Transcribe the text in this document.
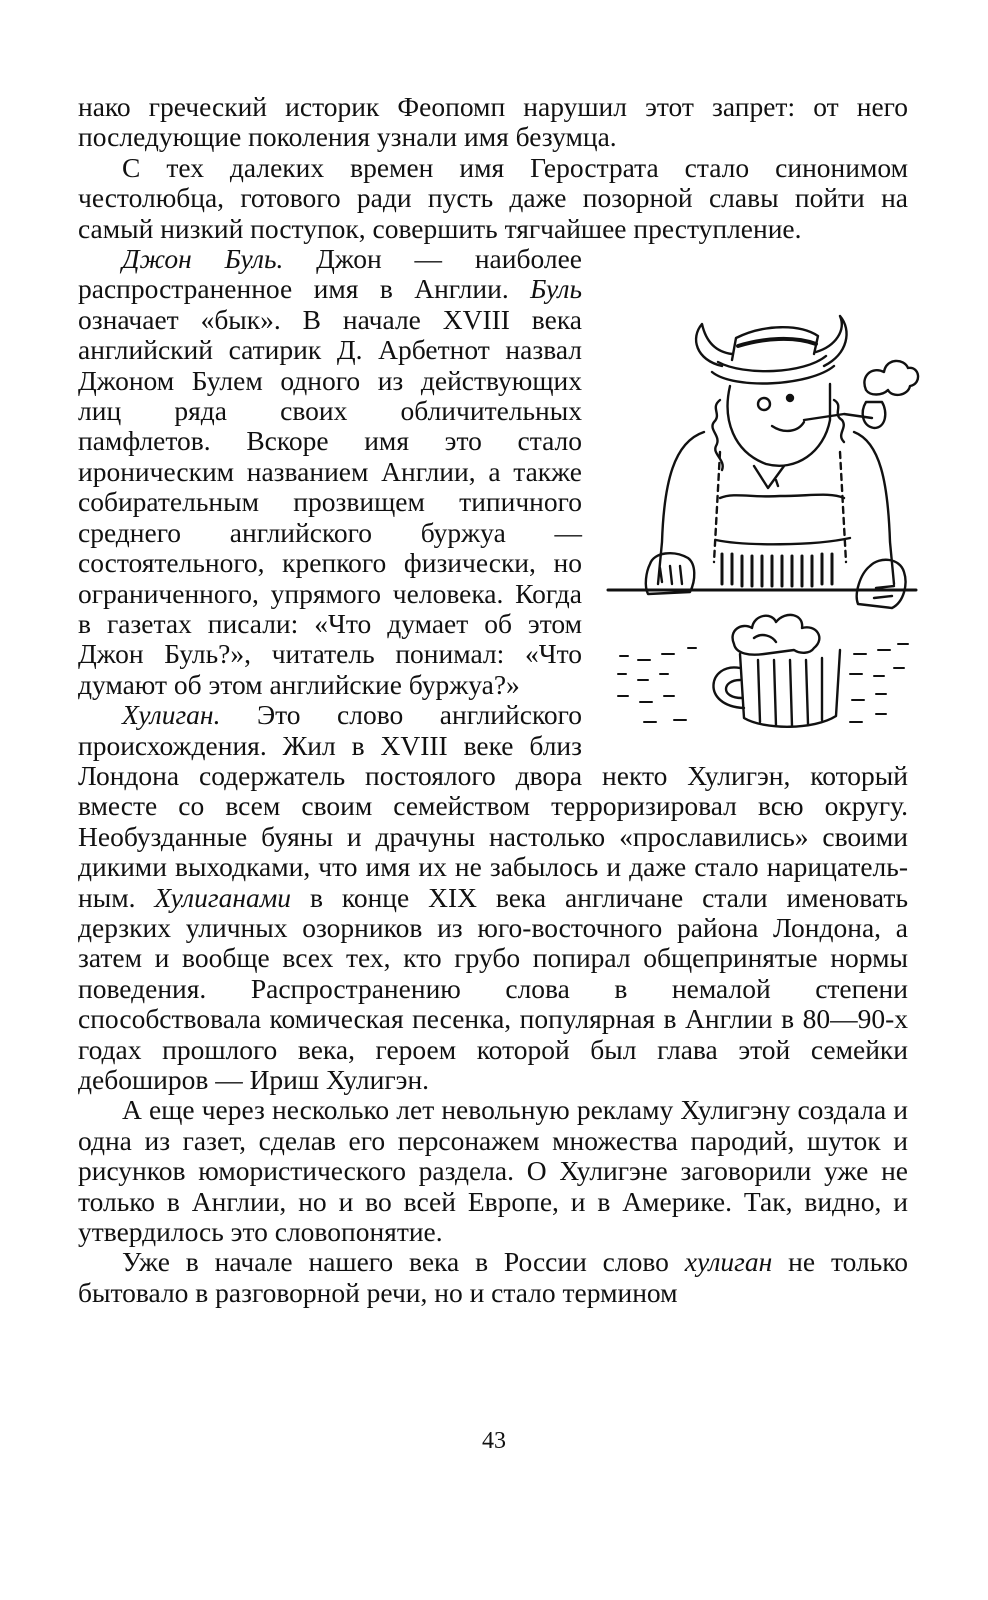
нако греческий историк Феопомп нарушил этот запрет: от него последующие поколения узнали имя безумца.

С тех далеких времен имя Герострата стало синонимом честолюбца, готового ради пусть даже позорной славы пойти на самый низкий поступок, совершить тягчайшее преступление.

Джон Буль. Джон — наиболее распространенное имя в Англии. Буль означает «бык». В начале XVIII века английский сатирик Д. Арбетнот назвал Джоном Булем одного из действующих лиц ряда своих обличительных памфлетов. Вскоре имя это стало ироническим названием Англии, а также собирательным прозвищем типичного среднего английского буржуа — состоятельного, крепкого физически, но ограниченного, упрямого человека. Когда в газетах писали: «Что думает об этом Джон Буль?», читатель понимал: «Что думают об этом английские буржуа?»

Хулиган. Это слово английского происхождения. Жил в XVIII веке близ Лондона содержатель постоялого двора некто Хулигэн, который вместе со всем своим семейством терроризировал всю округу. Необузданные буяны и драчуны настолько «прославились» своими дикими выходками, что имя их не забылось и даже стало нарицательным. Хулиганами в конце XIX века англичане стали именовать дерзких уличных озорников из юго-восточного района Лондона, а затем и вообще всех тех, кто грубо попирал общепринятые нормы поведения. Распространению слова в немалой степени способствовала комическая песенка, популярная в Англии в 80—90-х годах прошлого века, героем которой был глава этой семейки дебоширов — Ириш Хулигэн.

А еще через несколько лет невольную рекламу Хулигэну создала и одна из газет, сделав его персонажем множества пародий, шуток и рисунков юмористического раздела. О Хулигэне заговорили уже не только в Англии, но и во всей Европе, и в Америке. Так, видно, и утвердилось это словопонятие.

Уже в начале нашего века в России слово хулиган не только бытовало в разговорной речи, но и стало термином

43
